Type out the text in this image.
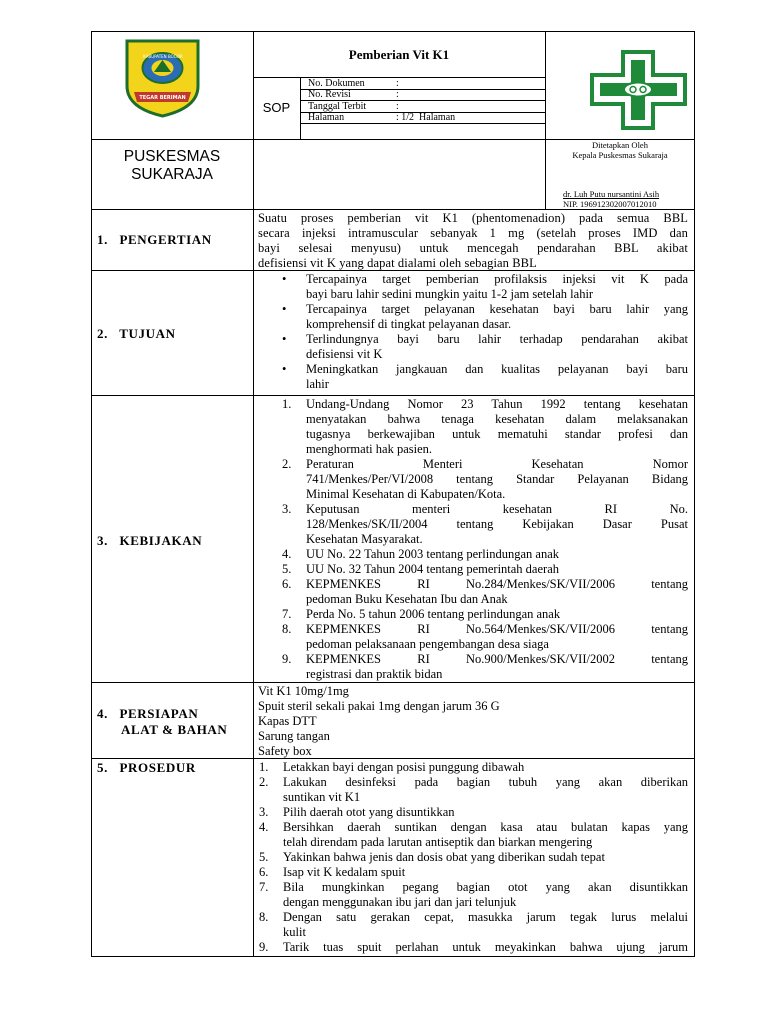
KABUPATEN BOGOR
TEGAR BERIMAN
Pemberian Vit K1
SOP
No. Dokumen	:
No. Revisi	:
Tanggal Terbit	:
Halaman	: 1/2  Halaman
PUSKESMAS
SUKARAJA
Ditetapkan Oleh
Kepala Puskesmas Sukaraja
dr. Luh Putu nursantini Asih
NIP. 196912302007012010
1.   PENGERTIAN
Suatu proses pemberian vit K1 (phentomenadion) pada semua BBL
secara injeksi intramuscular sebanyak 1 mg (setelah proses IMD dan
bayi selesai menyusu) untuk mencegah pendarahan BBL akibat
defisiensi vit K yang dapat dialami oleh sebagian BBL
2.   TUJUAN
• Tercapainya target pemberian profilaksis injeksi vit K pada
bayi baru lahir sedini mungkin yaitu 1-2 jam setelah lahir
• Tercapainya target pelayanan kesehatan bayi baru lahir yang
komprehensif di tingkat pelayanan dasar.
• Terlindungnya bayi baru lahir terhadap pendarahan akibat
defisiensi vit K
• Meningkatkan jangkauan dan kualitas pelayanan bayi baru
lahir
3.   KEBIJAKAN
1. Undang-Undang Nomor 23 Tahun 1992 tentang kesehatan
menyatakan bahwa tenaga kesehatan dalam melaksanakan
tugasnya berkewajiban untuk mematuhi standar profesi dan
menghormati hak pasien.
2. Peraturan Menteri Kesehatan Nomor
741/Menkes/Per/VI/2008 tentang Standar Pelayanan Bidang
Minimal Kesehatan di Kabupaten/Kota.
3. Keputusan menteri kesehatan RI No.
128/Menkes/SK/II/2004 tentang Kebijakan Dasar Pusat
Kesehatan Masyarakat.
4. UU No. 22 Tahun 2003 tentang perlindungan anak
5. UU No. 32 Tahun 2004 tentang pemerintah daerah
6. KEPMENKES RI No.284/Menkes/SK/VII/2006 tentang
pedoman Buku Kesehatan Ibu dan Anak
7. Perda No. 5 tahun 2006 tentang perlindungan anak
8. KEPMENKES RI No.564/Menkes/SK/VII/2006 tentang
pedoman pelaksanaan pengembangan desa siaga
9. KEPMENKES RI No.900/Menkes/SK/VII/2002 tentang
registrasi dan praktik bidan
4.   PERSIAPAN
ALAT & BAHAN
Vit K1 10mg/1mg
Spuit steril sekali pakai 1mg dengan jarum 36 G
Kapas DTT
Sarung tangan
Safety box
5.   PROSEDUR	1. Letakkan bayi dengan posisi punggung dibawah
2. Lakukan desinfeksi pada bagian tubuh yang akan diberikan
suntikan vit K1
3. Pilih daerah otot yang disuntikkan
4. Bersihkan daerah suntikan dengan kasa atau bulatan kapas yang
telah direndam pada larutan antiseptik dan biarkan mengering
5. Yakinkan bahwa jenis dan dosis obat yang diberikan sudah tepat
6. Isap vit K kedalam spuit
7. Bila mungkinkan pegang bagian otot yang akan disuntikkan
dengan menggunakan ibu jari dan jari telunjuk
8. Dengan satu gerakan cepat, masukka jarum tegak lurus melalui
kulit
9. Tarik tuas spuit perlahan untuk meyakinkan bahwa ujung jarum
